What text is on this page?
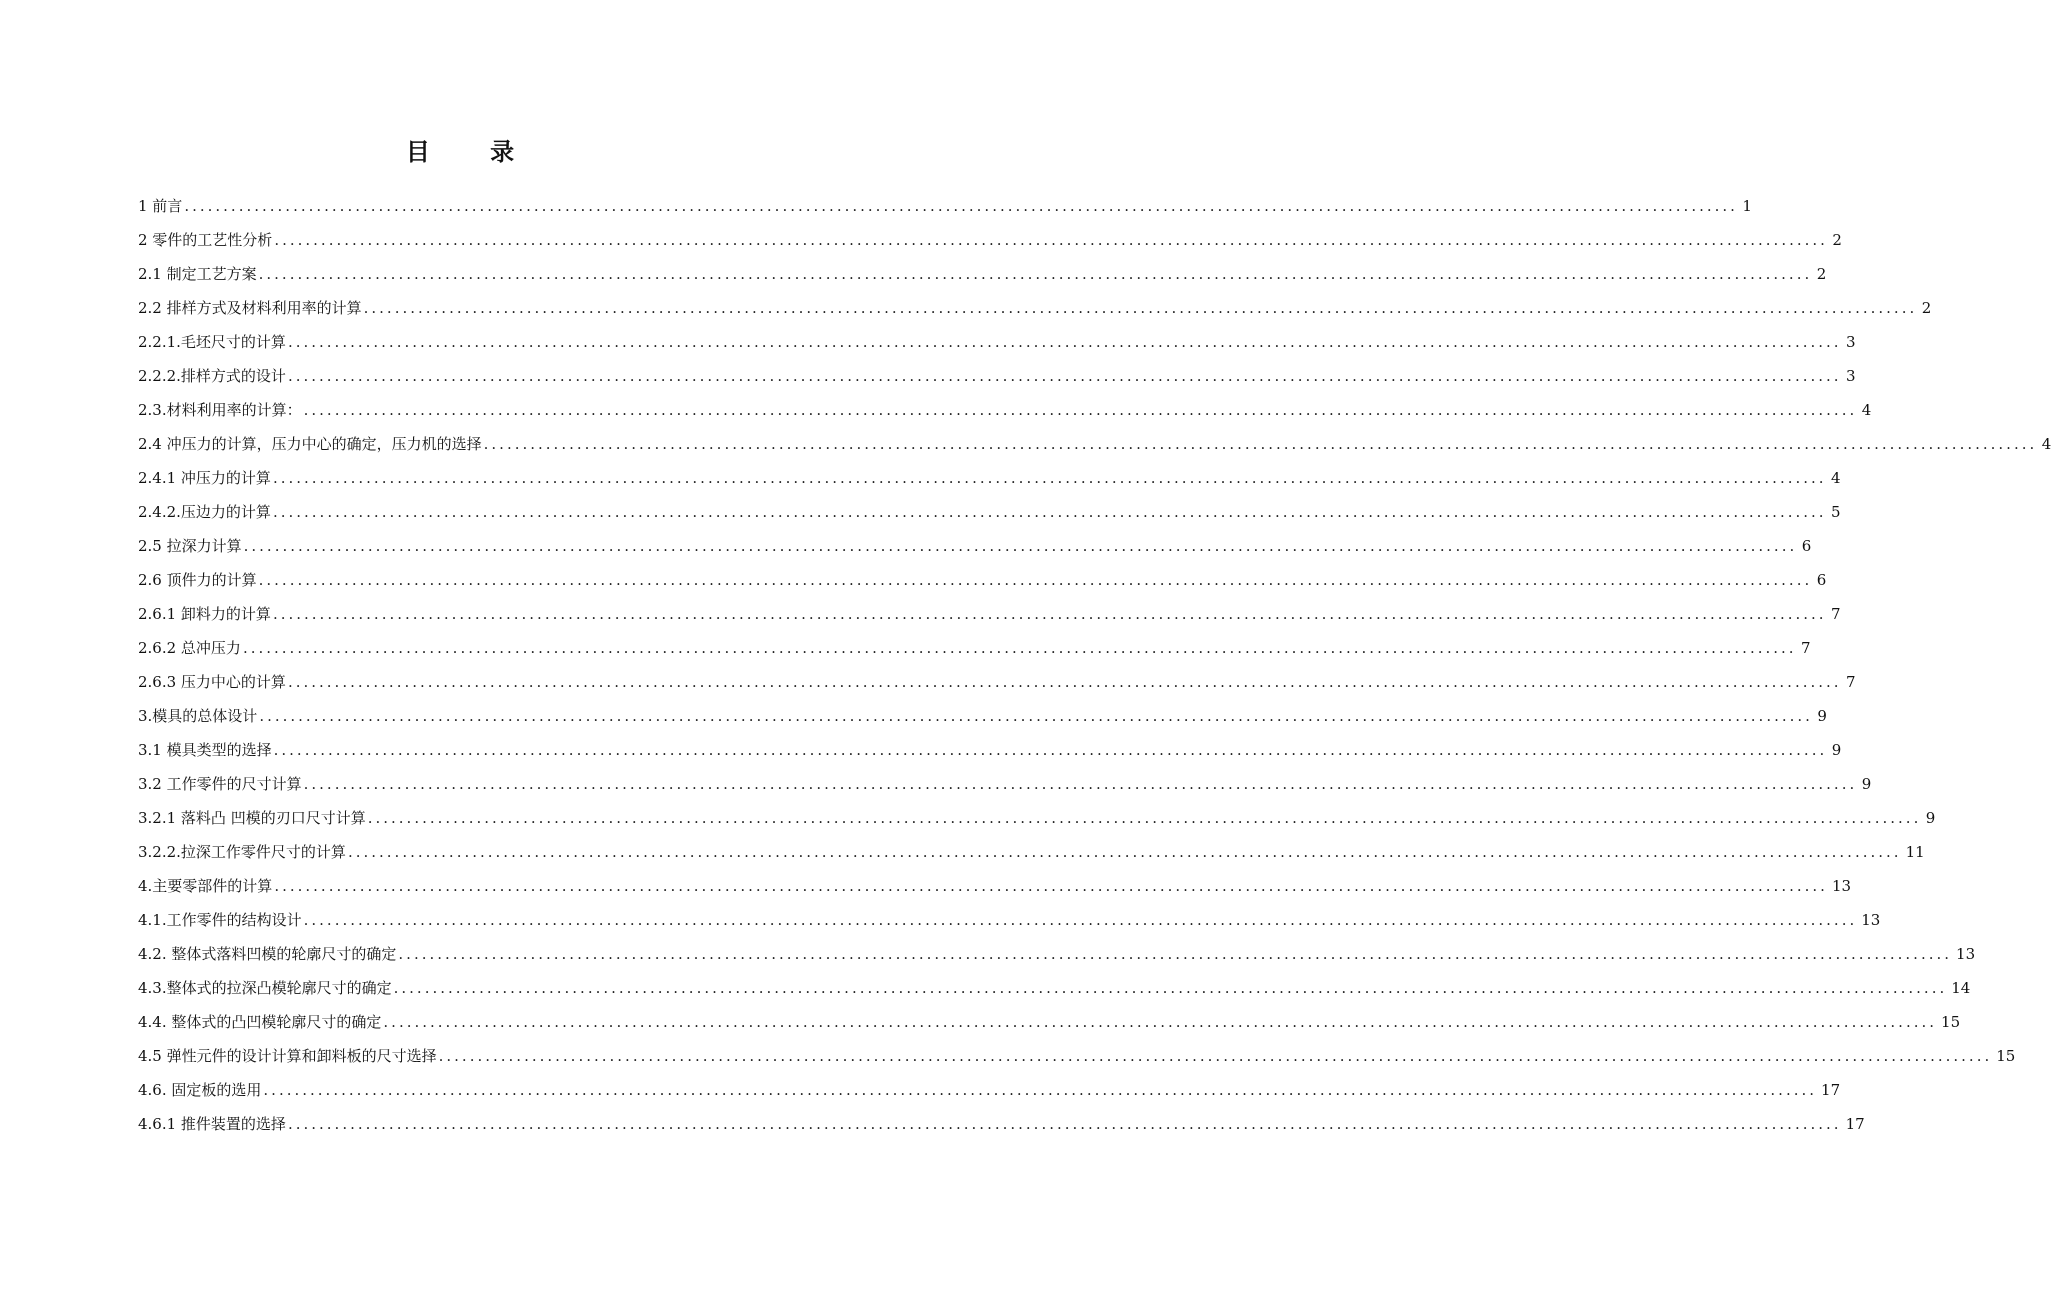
目 录
1 前言 ........................................................................................................................................................................................................ 1
2 零件的工艺性分析 ........................................................................................................................................................................................................ 2
2.1 制定工艺方案 ........................................................................................................................................................................................................ 2
2.2 排样方式及材料利用率的计算 ........................................................................................................................................................................................................ 2
2.2.1.毛坯尺寸的计算 ........................................................................................................................................................................................................ 3
2.2.2.排样方式的设计 ........................................................................................................................................................................................................ 3
2.3.材料利用率的计算： ........................................................................................................................................................................................................ 4
2.4 冲压力的计算，压力中心的确定，压力机的选择 ........................................................................................................................................................................................................ 4
2.4.1 冲压力的计算 ........................................................................................................................................................................................................ 4
2.4.2.压边力的计算 ........................................................................................................................................................................................................ 5
2.5 拉深力计算 ........................................................................................................................................................................................................ 6
2.6 顶件力的计算 ........................................................................................................................................................................................................ 6
2.6.1 卸料力的计算 ........................................................................................................................................................................................................ 7
2.6.2 总冲压力 ........................................................................................................................................................................................................ 7
2.6.3 压力中心的计算 ........................................................................................................................................................................................................ 7
3.模具的总体设计 ........................................................................................................................................................................................................ 9
3.1 模具类型的选择 ........................................................................................................................................................................................................ 9
3.2 工作零件的尺寸计算 ........................................................................................................................................................................................................ 9
3.2.1 落料凸 凹模的刃口尺寸计算 ........................................................................................................................................................................................................ 9
3.2.2.拉深工作零件尺寸的计算 ........................................................................................................................................................................................................ 11
4.主要零部件的计算 ........................................................................................................................................................................................................ 13
4.1.工作零件的结构设计 ........................................................................................................................................................................................................ 13
4.2. 整体式落料凹模的轮廓尺寸的确定 ........................................................................................................................................................................................................ 13
4.3.整体式的拉深凸模轮廓尺寸的确定 ........................................................................................................................................................................................................ 14
4.4. 整体式的凸凹模轮廓尺寸的确定 ........................................................................................................................................................................................................ 15
4.5 弹性元件的设计计算和卸料板的尺寸选择 ........................................................................................................................................................................................................ 15
4.6. 固定板的选用 ........................................................................................................................................................................................................ 17
4.6.1 推件装置的选择 ........................................................................................................................................................................................................ 17
